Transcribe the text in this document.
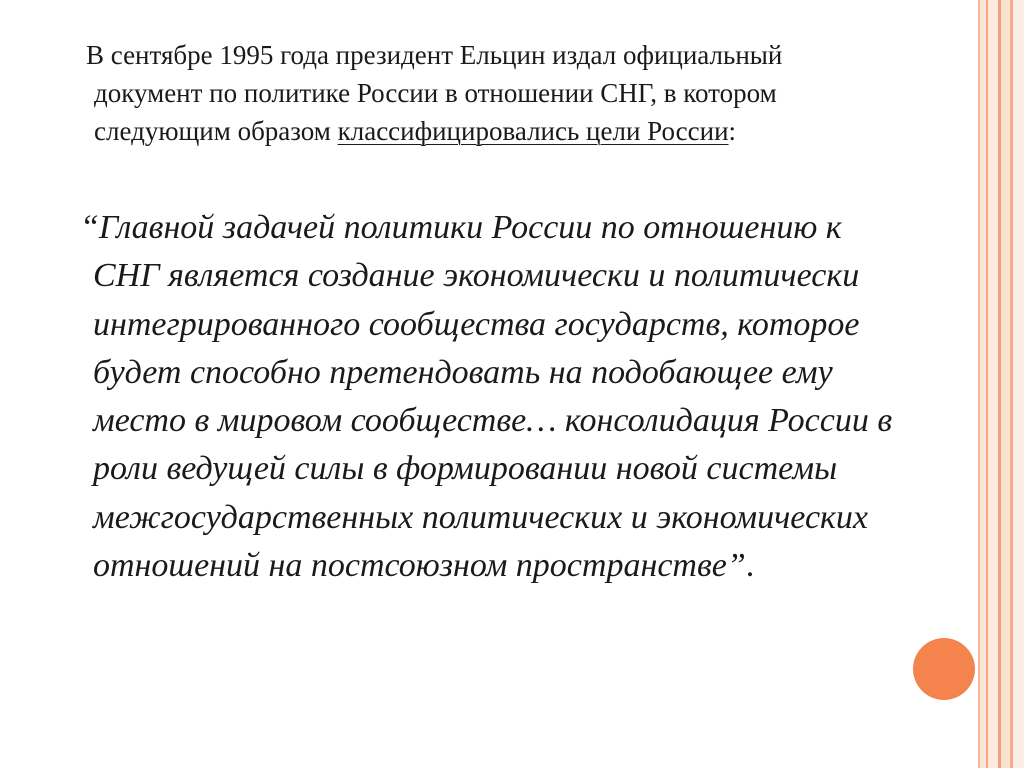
В сентябре 1995 года президент Ельцин издал официальный документ по политике России в отношении СНГ, в котором следующим образом классифицировались цели России:

“Главной задачей политики России по отношению к СНГ является создание экономически и политически интегрированного сообщества государств, которое будет способно претендовать на подобающее ему место в мировом сообществе… консолидация России в роли ведущей силы в формировании новой системы межгосударственных политических и экономических отношений на постсоюзном пространстве”.
